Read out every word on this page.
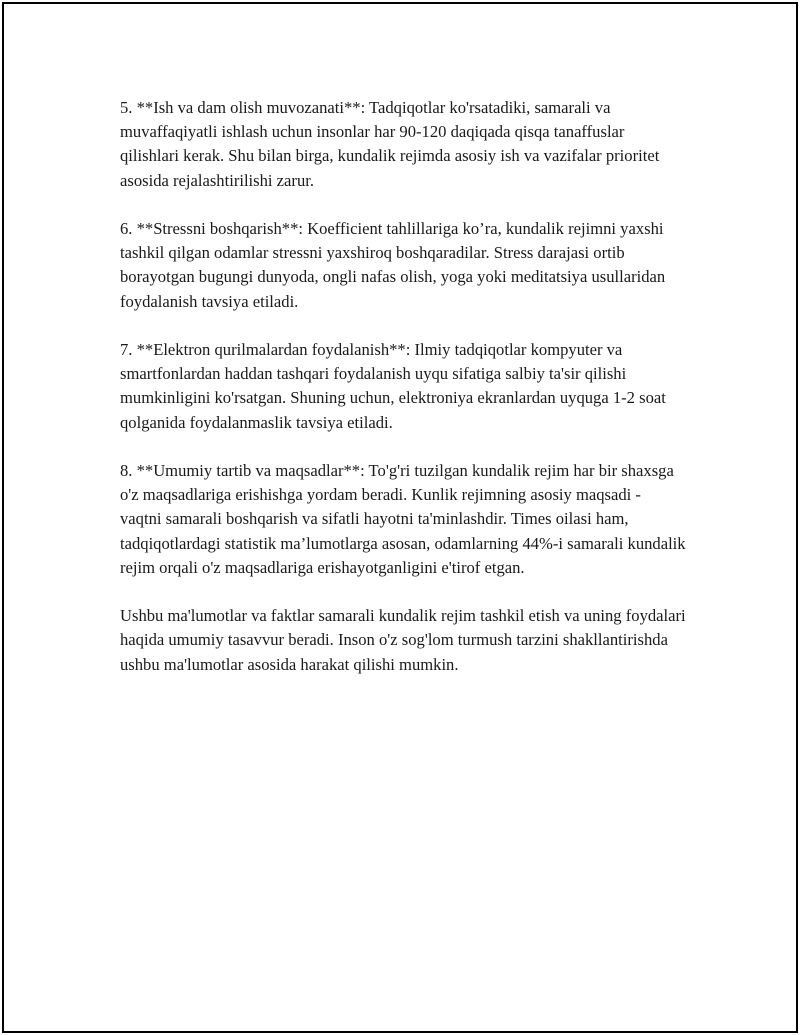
5. **Ish va dam olish muvozanati**: Tadqiqotlar ko'rsatadiki, samarali va muvaffaqiyatli ishlash uchun insonlar har 90-120 daqiqada qisqa tanaffuslar qilishlari kerak. Shu bilan birga, kundalik rejimda asosiy ish va vazifalar prioritet asosida rejalashtirilishi zarur.

6. **Stressni boshqarish**: Koefficient tahlillariga ko’ra, kundalik rejimni yaxshi tashkil qilgan odamlar stressni yaxshiroq boshqaradilar. Stress darajasi ortib borayotgan bugungi dunyoda, ongli nafas olish, yoga yoki meditatsiya usullaridan foydalanish tavsiya etiladi.

7. **Elektron qurilmalardan foydalanish**: Ilmiy tadqiqotlar kompyuter va smartfonlardan haddan tashqari foydalanish uyqu sifatiga salbiy ta'sir qilishi mumkinligini ko'rsatgan. Shuning uchun, elektroniya ekranlardan uyquga 1-2 soat qolganida foydalanmaslik tavsiya etiladi.

8. **Umumiy tartib va maqsadlar**: To'g'ri tuzilgan kundalik rejim har bir shaxsga o'z maqsadlariga erishishga yordam beradi. Kunlik rejimning asosiy maqsadi - vaqtni samarali boshqarish va sifatli hayotni ta'minlashdir. Times oilasi ham, tadqiqotlardagi statistik ma’lumotlarga asosan, odamlarning 44%-i samarali kundalik rejim orqali o'z maqsadlariga erishayotganligini e'tirof etgan.

Ushbu ma'lumotlar va faktlar samarali kundalik rejim tashkil etish va uning foydalari haqida umumiy tasavvur beradi. Inson o'z sog'lom turmush tarzini shakllantirishda ushbu ma'lumotlar asosida harakat qilishi mumkin.
